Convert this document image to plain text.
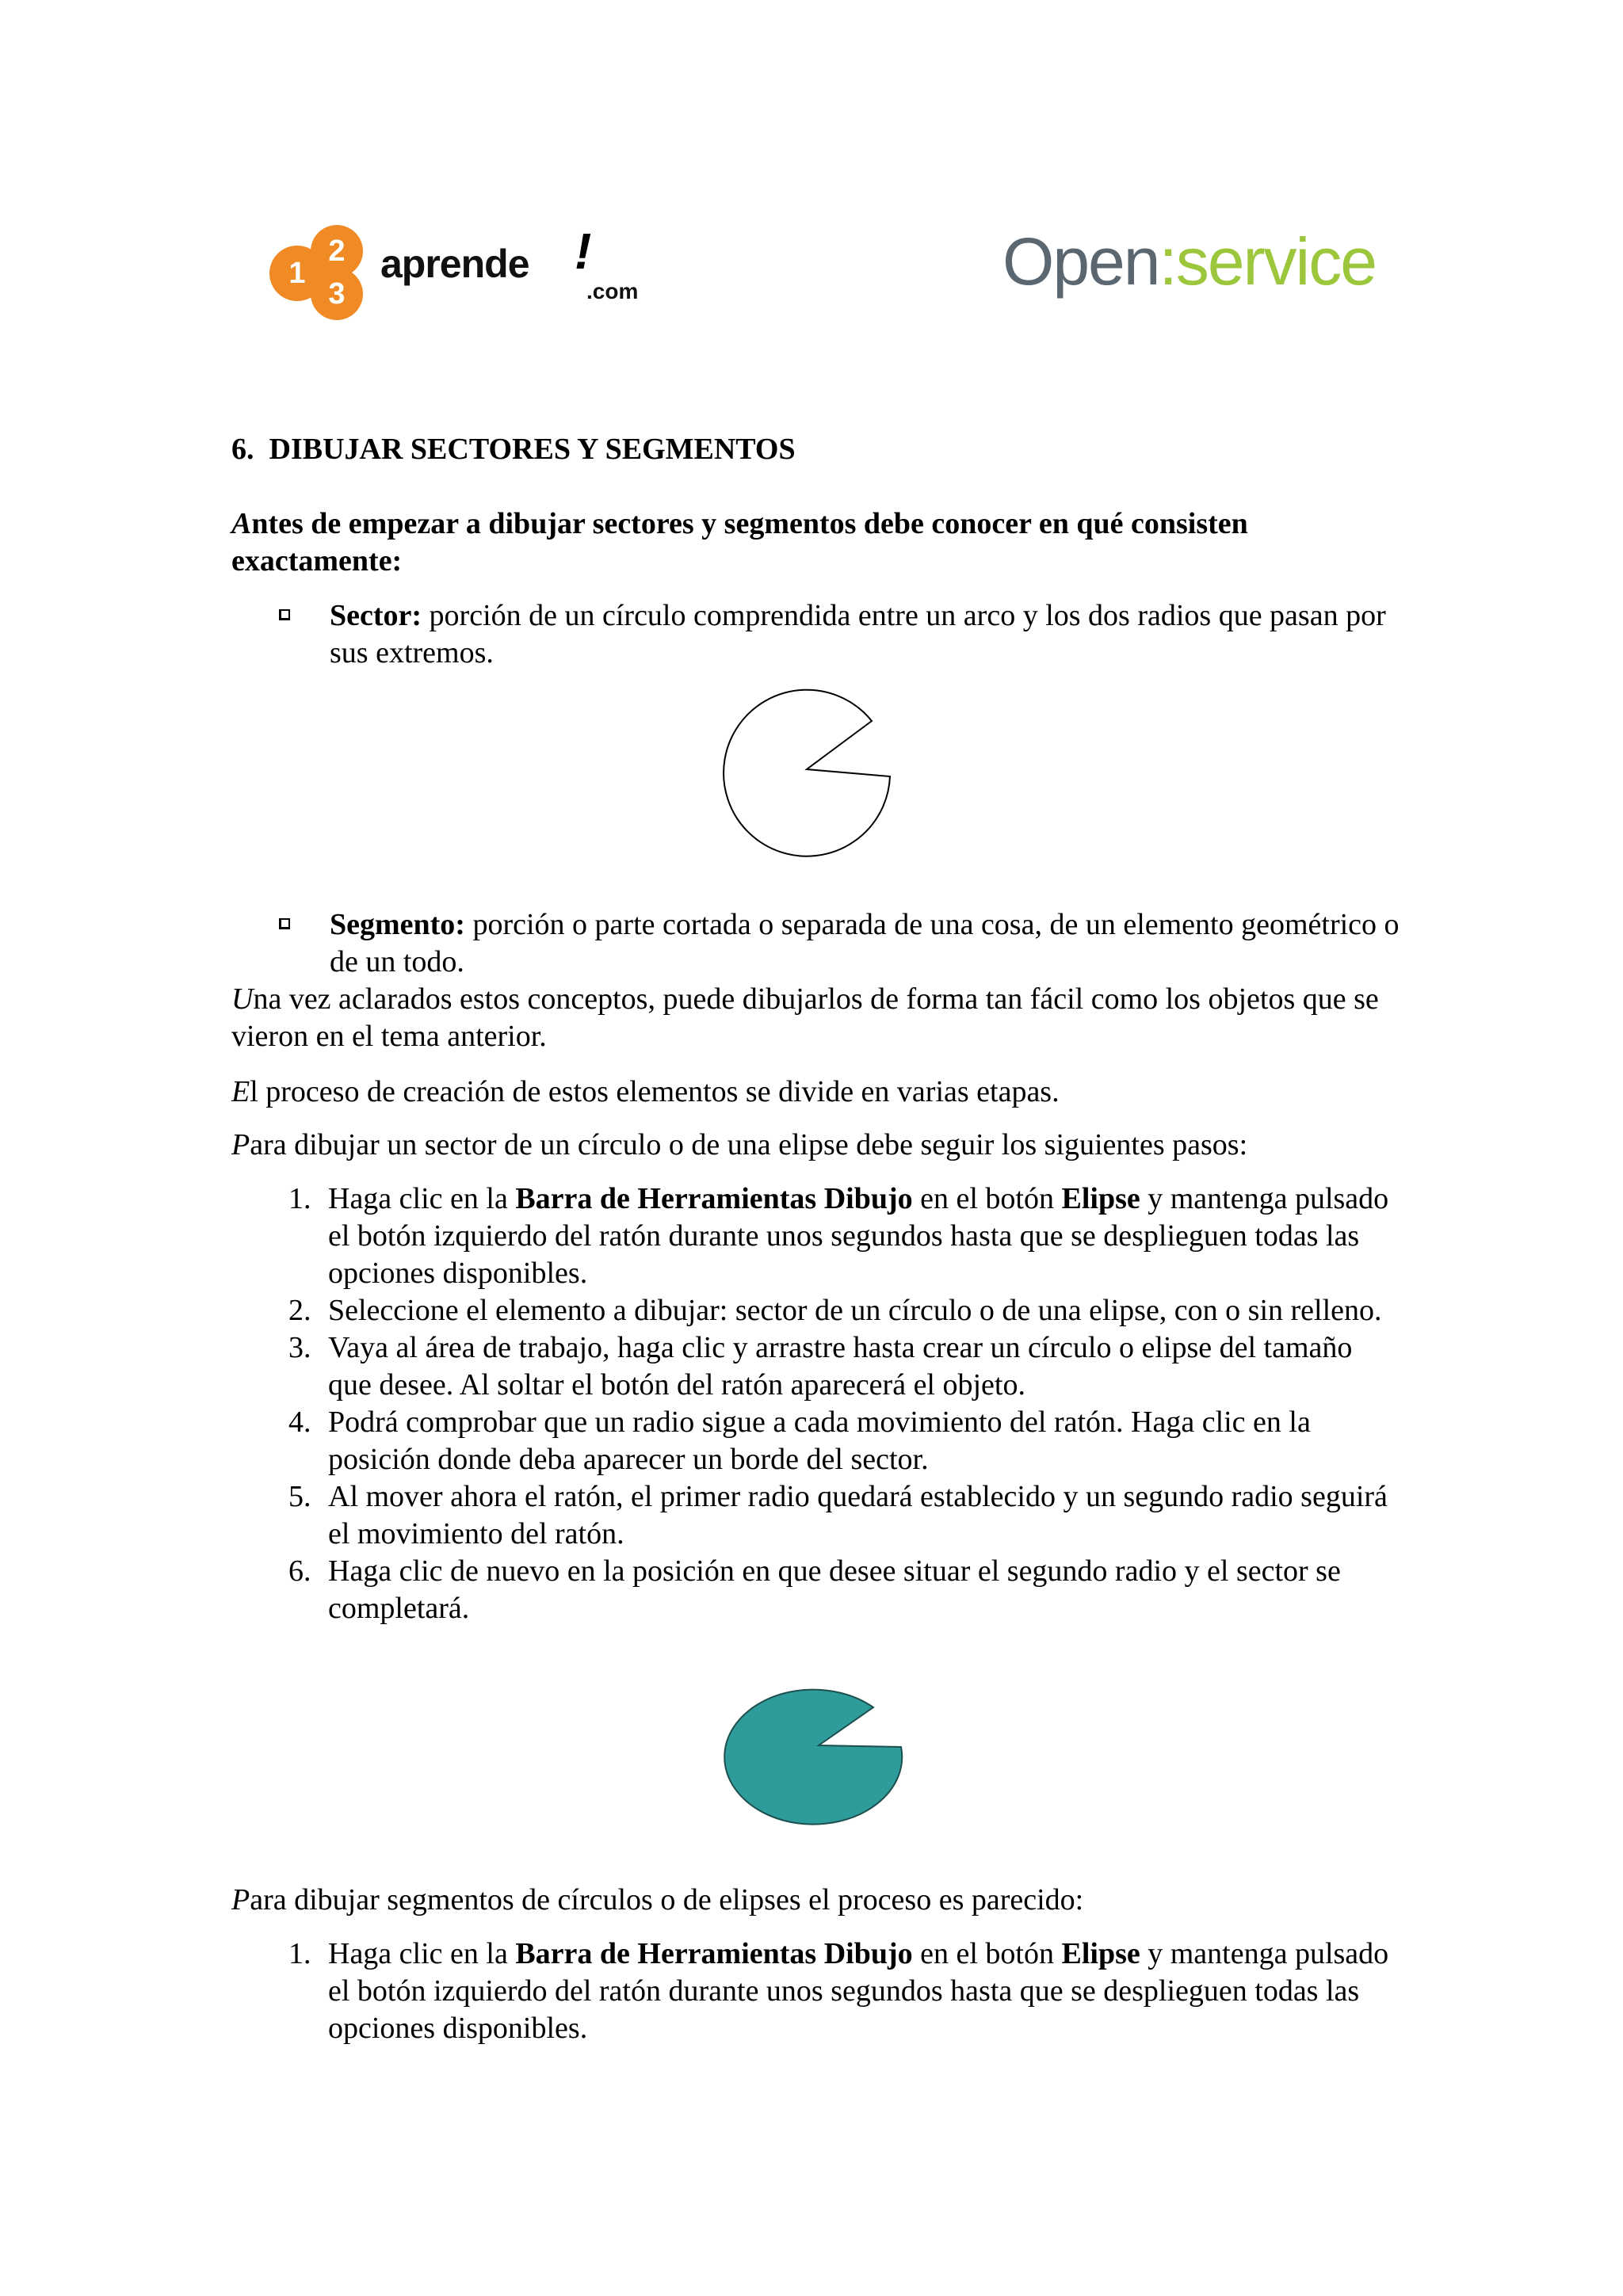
1
2
3
aprende !
.com	Open:service
6.  DIBUJAR SECTORES Y SEGMENTOS
Antes de empezar a dibujar sectores y segmentos debe conocer en qué consisten exactamente:
Sector: porción de un círculo comprendida entre un arco y los dos radios que pasan por sus extremos.
Segmento: porción o parte cortada o separada de una cosa, de un elemento geométrico o de un todo.
Una vez aclarados estos conceptos, puede dibujarlos de forma tan fácil como los objetos que se vieron en el tema anterior.
El proceso de creación de estos elementos se divide en varias etapas.
Para dibujar un sector de un círculo o de una elipse debe seguir los siguientes pasos:
1. Haga clic en la Barra de Herramientas Dibujo en el botón Elipse y mantenga pulsado el botón izquierdo del ratón durante unos segundos hasta que se desplieguen todas las opciones disponibles.
2. Seleccione el elemento a dibujar: sector de un círculo o de una elipse, con o sin relleno.
3. Vaya al área de trabajo, haga clic y arrastre hasta crear un círculo o elipse del tamaño que desee. Al soltar el botón del ratón aparecerá el objeto.
4. Podrá comprobar que un radio sigue a cada movimiento del ratón. Haga clic en la posición donde deba aparecer un borde del sector.
5. Al mover ahora el ratón, el primer radio quedará establecido y un segundo radio seguirá el movimiento del ratón.
6. Haga clic de nuevo en la posición en que desee situar el segundo radio y el sector se completará.
Para dibujar segmentos de círculos o de elipses el proceso es parecido:
1. Haga clic en la Barra de Herramientas Dibujo en el botón Elipse y mantenga pulsado el botón izquierdo del ratón durante unos segundos hasta que se desplieguen todas las opciones disponibles.
